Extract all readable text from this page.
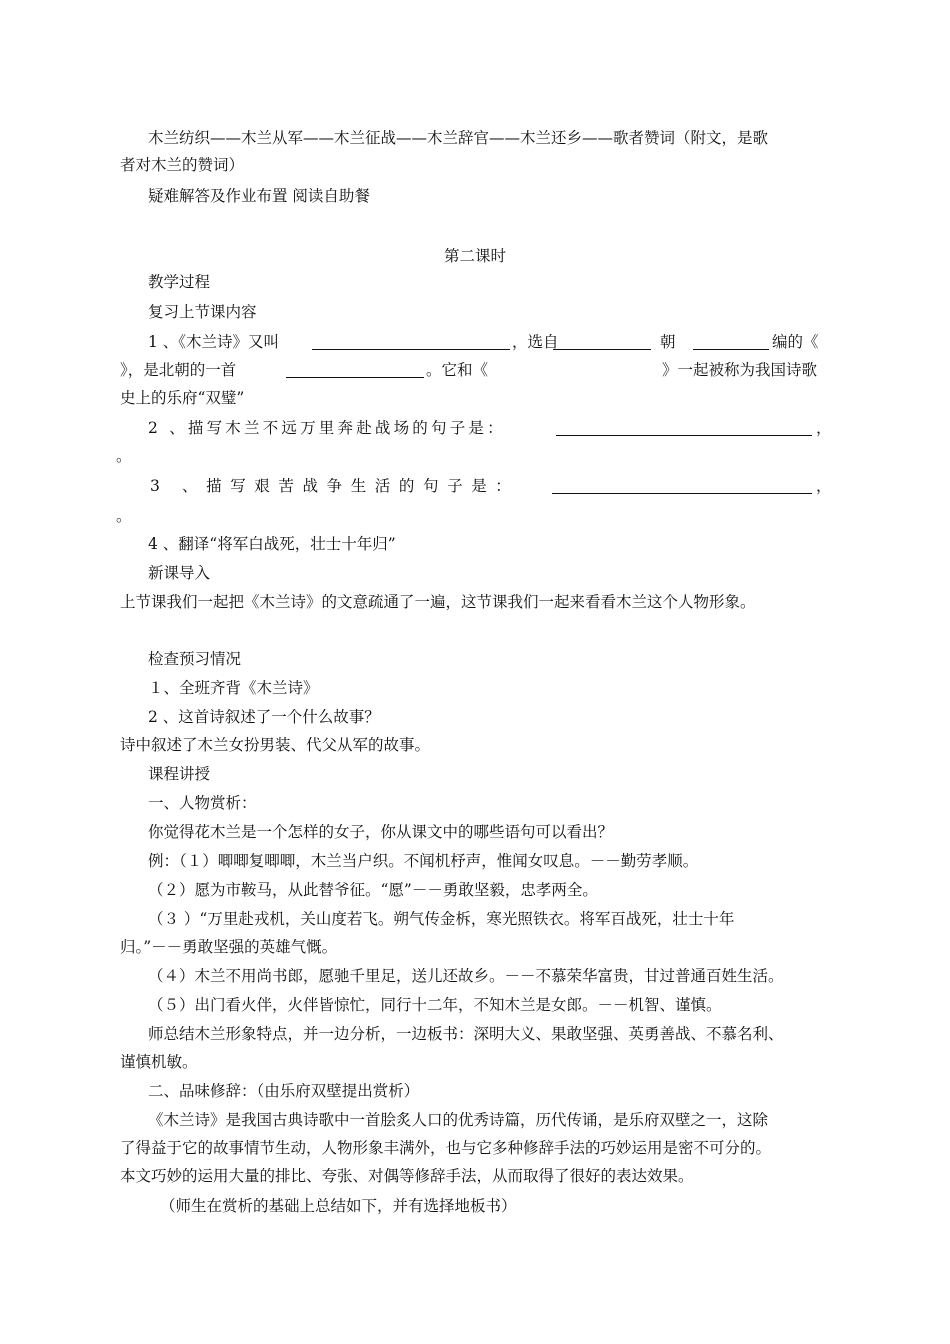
木兰纺织——木兰从军——木兰征战——木兰辞官——木兰还乡——歌者赞词（附文，是歌
者对木兰的赞词）
疑难解答及作业布置 阅读自助餐
第二课时
教学过程
复习上节课内容
1 、《木兰诗》又叫	，选自	朝	编的《
》，是北朝的一首	。它和《	》一起被称为我国诗歌
史上的乐府“双璧”
2 、描写木兰不远万里奔赴战场的句子是：	，
。
3 、描写艰苦战争生活的句子是：	，
。
4 、翻译“将军白战死，壮士十年归”
新课导入
上节课我们一起把《木兰诗》的文意疏通了一遍，这节课我们一起来看看木兰这个人物形象。
检查预习情况
１、全班齐背《木兰诗》
2 、这首诗叙述了一个什么故事？
诗中叙述了木兰女扮男装、代父从军的故事。
课程讲授
一、人物赏析：
你觉得花木兰是一个怎样的女子，你从课文中的哪些语句可以看出？
例：（１）唧唧复唧唧，木兰当户织。不闻机杼声，惟闻女叹息。－－勤劳孝顺。
（２）愿为市鞍马，从此替爷征。“愿”－－勇敢坚毅，忠孝两全。
（３ ）“万里赴戎机，关山度若飞。朔气传金柝，寒光照铁衣。将军百战死，壮士十年
归。”－－勇敢坚强的英雄气慨。
（４）木兰不用尚书郎，愿驰千里足，送儿还故乡。－－不慕荣华富贵，甘过普通百姓生活。
（５）出门看火伴，火伴皆惊忙，同行十二年，不知木兰是女郎。－－机智、谨慎。
师总结木兰形象特点，并一边分析，一边板书：深明大义、果敢坚强、英勇善战、不慕名利、
谨慎机敏。
二、品味修辞：（由乐府双壁提出赏析）
《木兰诗》是我国古典诗歌中一首脍炙人口的优秀诗篇，历代传诵，是乐府双壁之一，这除
了得益于它的故事情节生动，人物形象丰满外，也与它多种修辞手法的巧妙运用是密不可分的。
本文巧妙的运用大量的排比、夸张、对偶等修辞手法，从而取得了很好的表达效果。
（师生在赏析的基础上总结如下，并有选择地板书）
